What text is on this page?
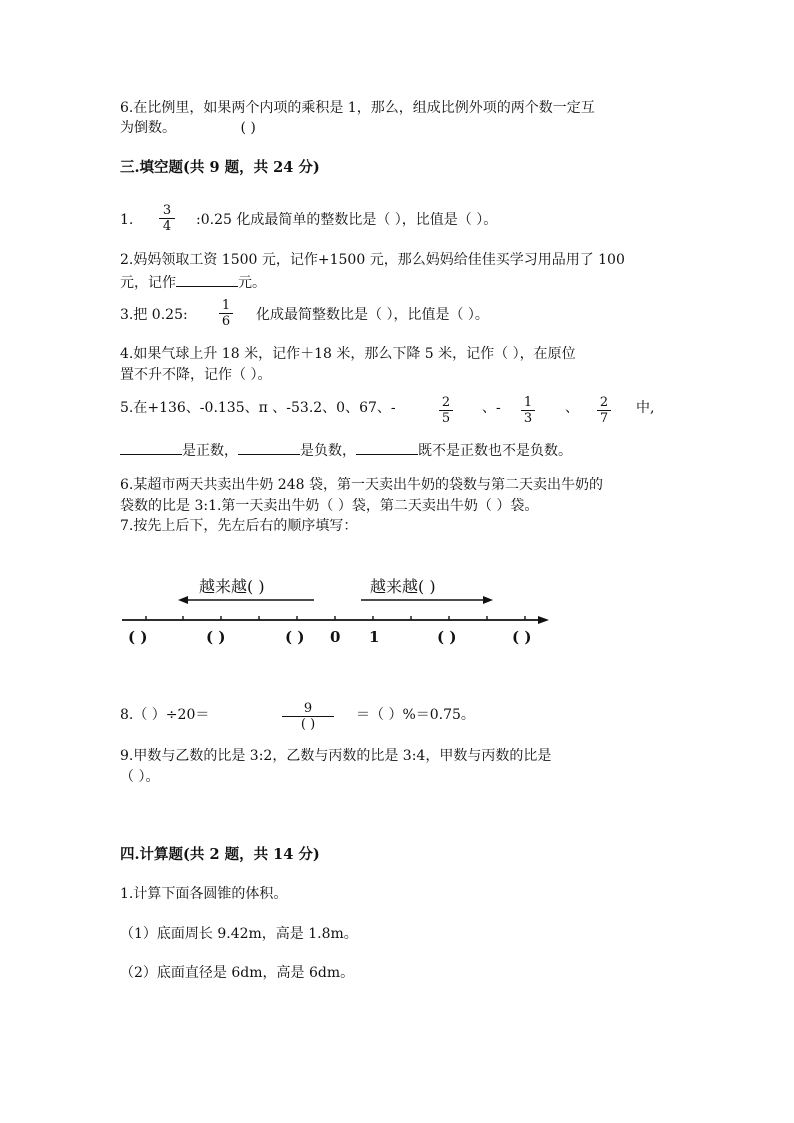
6.在比例里，如果两个内项的乘积是 1，那么，组成比例外项的两个数一定互
为倒数。	( )
三.填空题(共 9 题，共 24 分)
1. $\frac{3}{4}$ :0.25 化成最简单的整数比是（ ），比值是（ ）。
2.妈妈领取工资 1500 元，记作+1500 元，那么妈妈给佳佳买学习用品用了 100
元，记作	元。
3.把 0.25: $\frac{1}{6}$ 化成最简整数比是（ ），比值是（ ）。
4.如果气球上升 18 米，记作＋18 米，那么下降 5 米，记作（ ），在原位
置不升不降，记作（ ）。
5.在+136、-0.135、π 、-53.2、0、67、-	$\frac{2}{5}$ 、- $\frac{1}{3}$ 、 $\frac{2}{7}$ 中,
是正数，	是负数，	既不是正数也不是负数。
6.某超市两天共卖出牛奶 248 袋，第一天卖出牛奶的袋数与第二天卖出牛奶的
袋数的比是 3:1.第一天卖出牛奶（ ）袋，第二天卖出牛奶（ ）袋。
7.按先上后下，先左后右的顺序填写：
越来越( )	越来越( )
( )	( )	( ) 0 1	( )	( )
8.（ ）÷20＝	9
( )
＝（ ）%＝0.75。
9.甲数与乙数的比是 3:2，乙数与丙数的比是 3:4，甲数与丙数的比是
（ ）。
四.计算题(共 2 题，共 14 分)
1.计算下面各圆锥的体积。
（1）底面周长 9.42m，高是 1.8m。
（2）底面直径是 6dm，高是 6dm。
